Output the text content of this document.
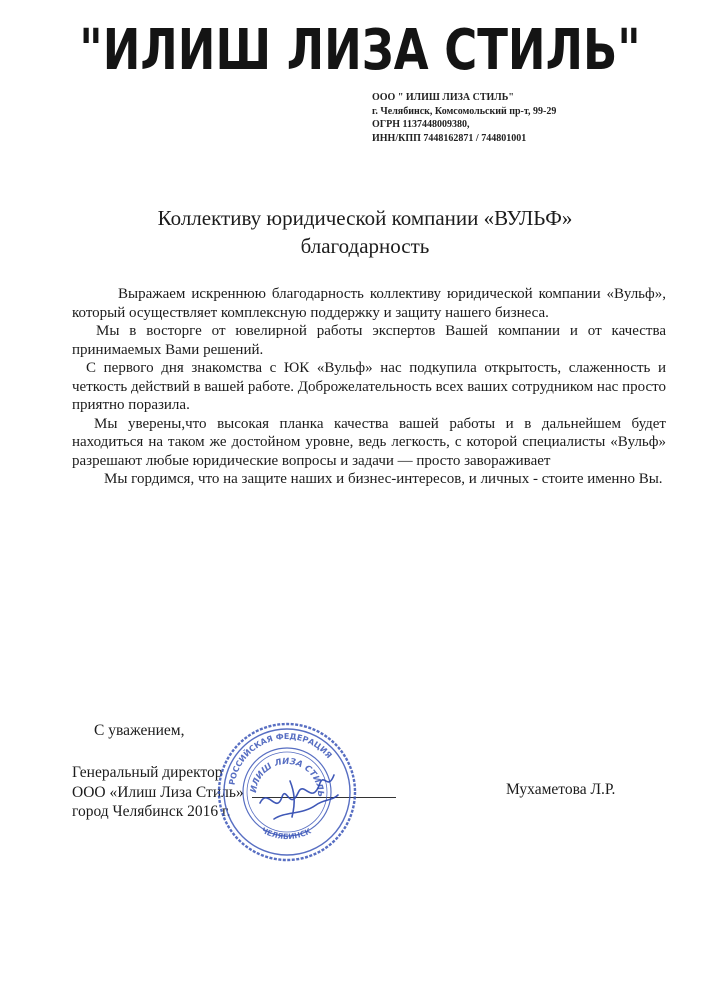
"ИЛИШ ЛИЗА СТИЛЬ"
ООО " ИЛИШ ЛИЗА СТИЛЬ"
г. Челябинск, Комсомольский пр-т, 99-29
ОГРН 1137448009380,
ИНН/КПП 7448162871 / 744801001
Коллективу юридической компании «ВУЛЬФ»
благодарность

Выражаем искреннюю благодарность коллективу юридической компании «Вульф», который осуществляет комплексную поддержку и защиту нашего бизнеса.

Мы в восторге от ювелирной работы экспертов Вашей компании и от качества принимаемых Вами решений.

С первого дня знакомства с ЮК «Вульф» нас подкупила открытость, слаженность и четкость действий в вашей работе. Доброжелательность всех ваших сотрудником нас просто приятно поразила.

Мы уверены,что высокая планка качества вашей работы и в дальнейшем будет находиться на таком же достойном уровне, ведь легкость, с которой специалисты «Вульф» разрешают любые юридические вопросы и задачи — просто завораживает

Мы гордимся, что на защите наших и бизнес-интересов, и личных - стоите именно Вы.

С уважением,
Генеральный директор
ООО «Илиш Лиза Стиль»
город Челябинск 2016 г.
Мухаметова Л.Р.
РОССИЙСКАЯ ФЕДЕРАЦИЯ
ЧЕЛЯБИНСК
ИЛИШ ЛИЗА СТИЛЬ
